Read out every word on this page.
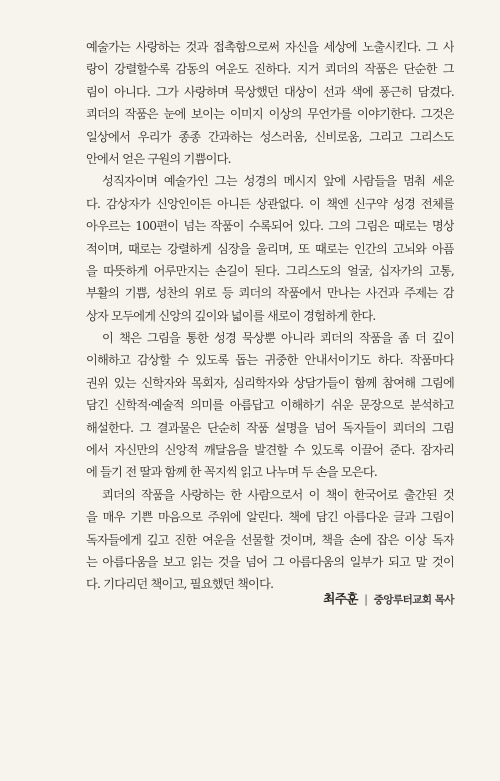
예술가는 사랑하는 것과 접촉함으로써 자신을 세상에 노출시킨다. 그 사
랑이 강렬할수록 감동의 여운도 진하다. 지거 쾨더의 작품은 단순한 그
림이 아니다. 그가 사랑하며 묵상했던 대상이 선과 색에 퐁근히 담겼다.
쾨더의 작품은 눈에 보이는 이미지 이상의 무언가를 이야기한다. 그것은
일상에서 우리가 종종 간과하는 성스러움, 신비로움, 그리고 그리스도
안에서 얻은 구원의 기쁨이다.
성직자이며 예술가인 그는 성경의 메시지 앞에 사람들을 멈춰 세운
다. 감상자가 신앙인이든 아니든 상관없다. 이 책엔 신구약 성경 전체를
아우르는 100편이 넘는 작품이 수록되어 있다. 그의 그림은 때로는 명상
적이며, 때로는 강렬하게 심장을 울리며, 또 때로는 인간의 고뇌와 아픔
을 따뜻하게 어루만지는 손길이 된다. 그리스도의 얼굴, 십자가의 고통,
부활의 기쁨, 성찬의 위로 등 쾨더의 작품에서 만나는 사건과 주제는 감
상자 모두에게 신앙의 깊이와 넓이를 새로이 경험하게 한다.
이 책은 그림을 통한 성경 묵상뿐 아니라 쾨더의 작품을 좀 더 깊이
이해하고 감상할 수 있도록 돕는 귀중한 안내서이기도 하다. 작품마다
권위 있는 신학자와 목회자, 심리학자와 상담가들이 함께 참여해 그림에
담긴 신학적·예술적 의미를 아름답고 이해하기 쉬운 문장으로 분석하고
해설한다. 그 결과물은 단순히 작품 설명을 넘어 독자들이 쾨더의 그림
에서 자신만의 신앙적 깨달음을 발견할 수 있도록 이끌어 준다. 잠자리
에 들기 전 딸과 함께 한 꼭지씩 읽고 나누며 두 손을 모은다.
쾨더의 작품을 사랑하는 한 사람으로서 이 책이 한국어로 출간된 것
을 매우 기쁜 마음으로 주위에 알린다. 책에 담긴 아름다운 글과 그림이
독자들에게 깊고 진한 여운을 선물할 것이며, 책을 손에 잡은 이상 독자
는 아름다움을 보고 읽는 것을 넘어 그 아름다움의 일부가 되고 말 것이
다. 기다리던 책이고, 필요했던 책이다.
최주훈 | 중앙루터교회 목사
